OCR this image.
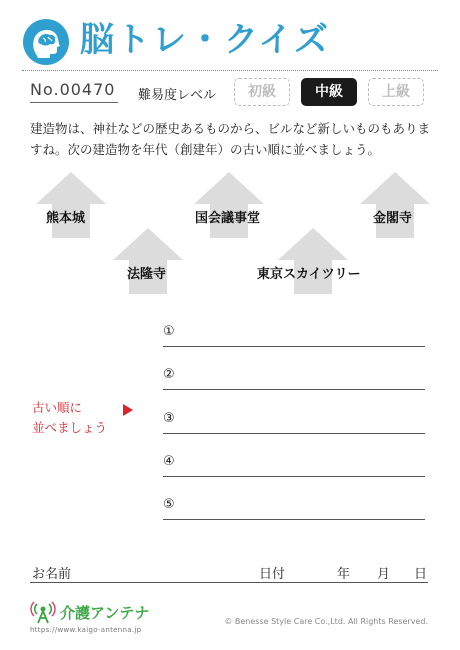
脳トレ・クイズ
No.00470 難易度レベル	初級	中級	上級
建造物は、神社などの歴史あるものから、ビルなど新しいものもありますね。次の建造物を年代（創建年）の古い順に並べましょう。
熊本城	国会議事堂	金閣寺
法隆寺	東京スカイツリー
①
②
③
④
⑤
古い順に
並べましょう
お名前	日付	年 月 日
介護アンテナ
https://www.kaigo-antenna.jp
© Benesse Style Care Co.,Ltd. All Rights Reserved.
